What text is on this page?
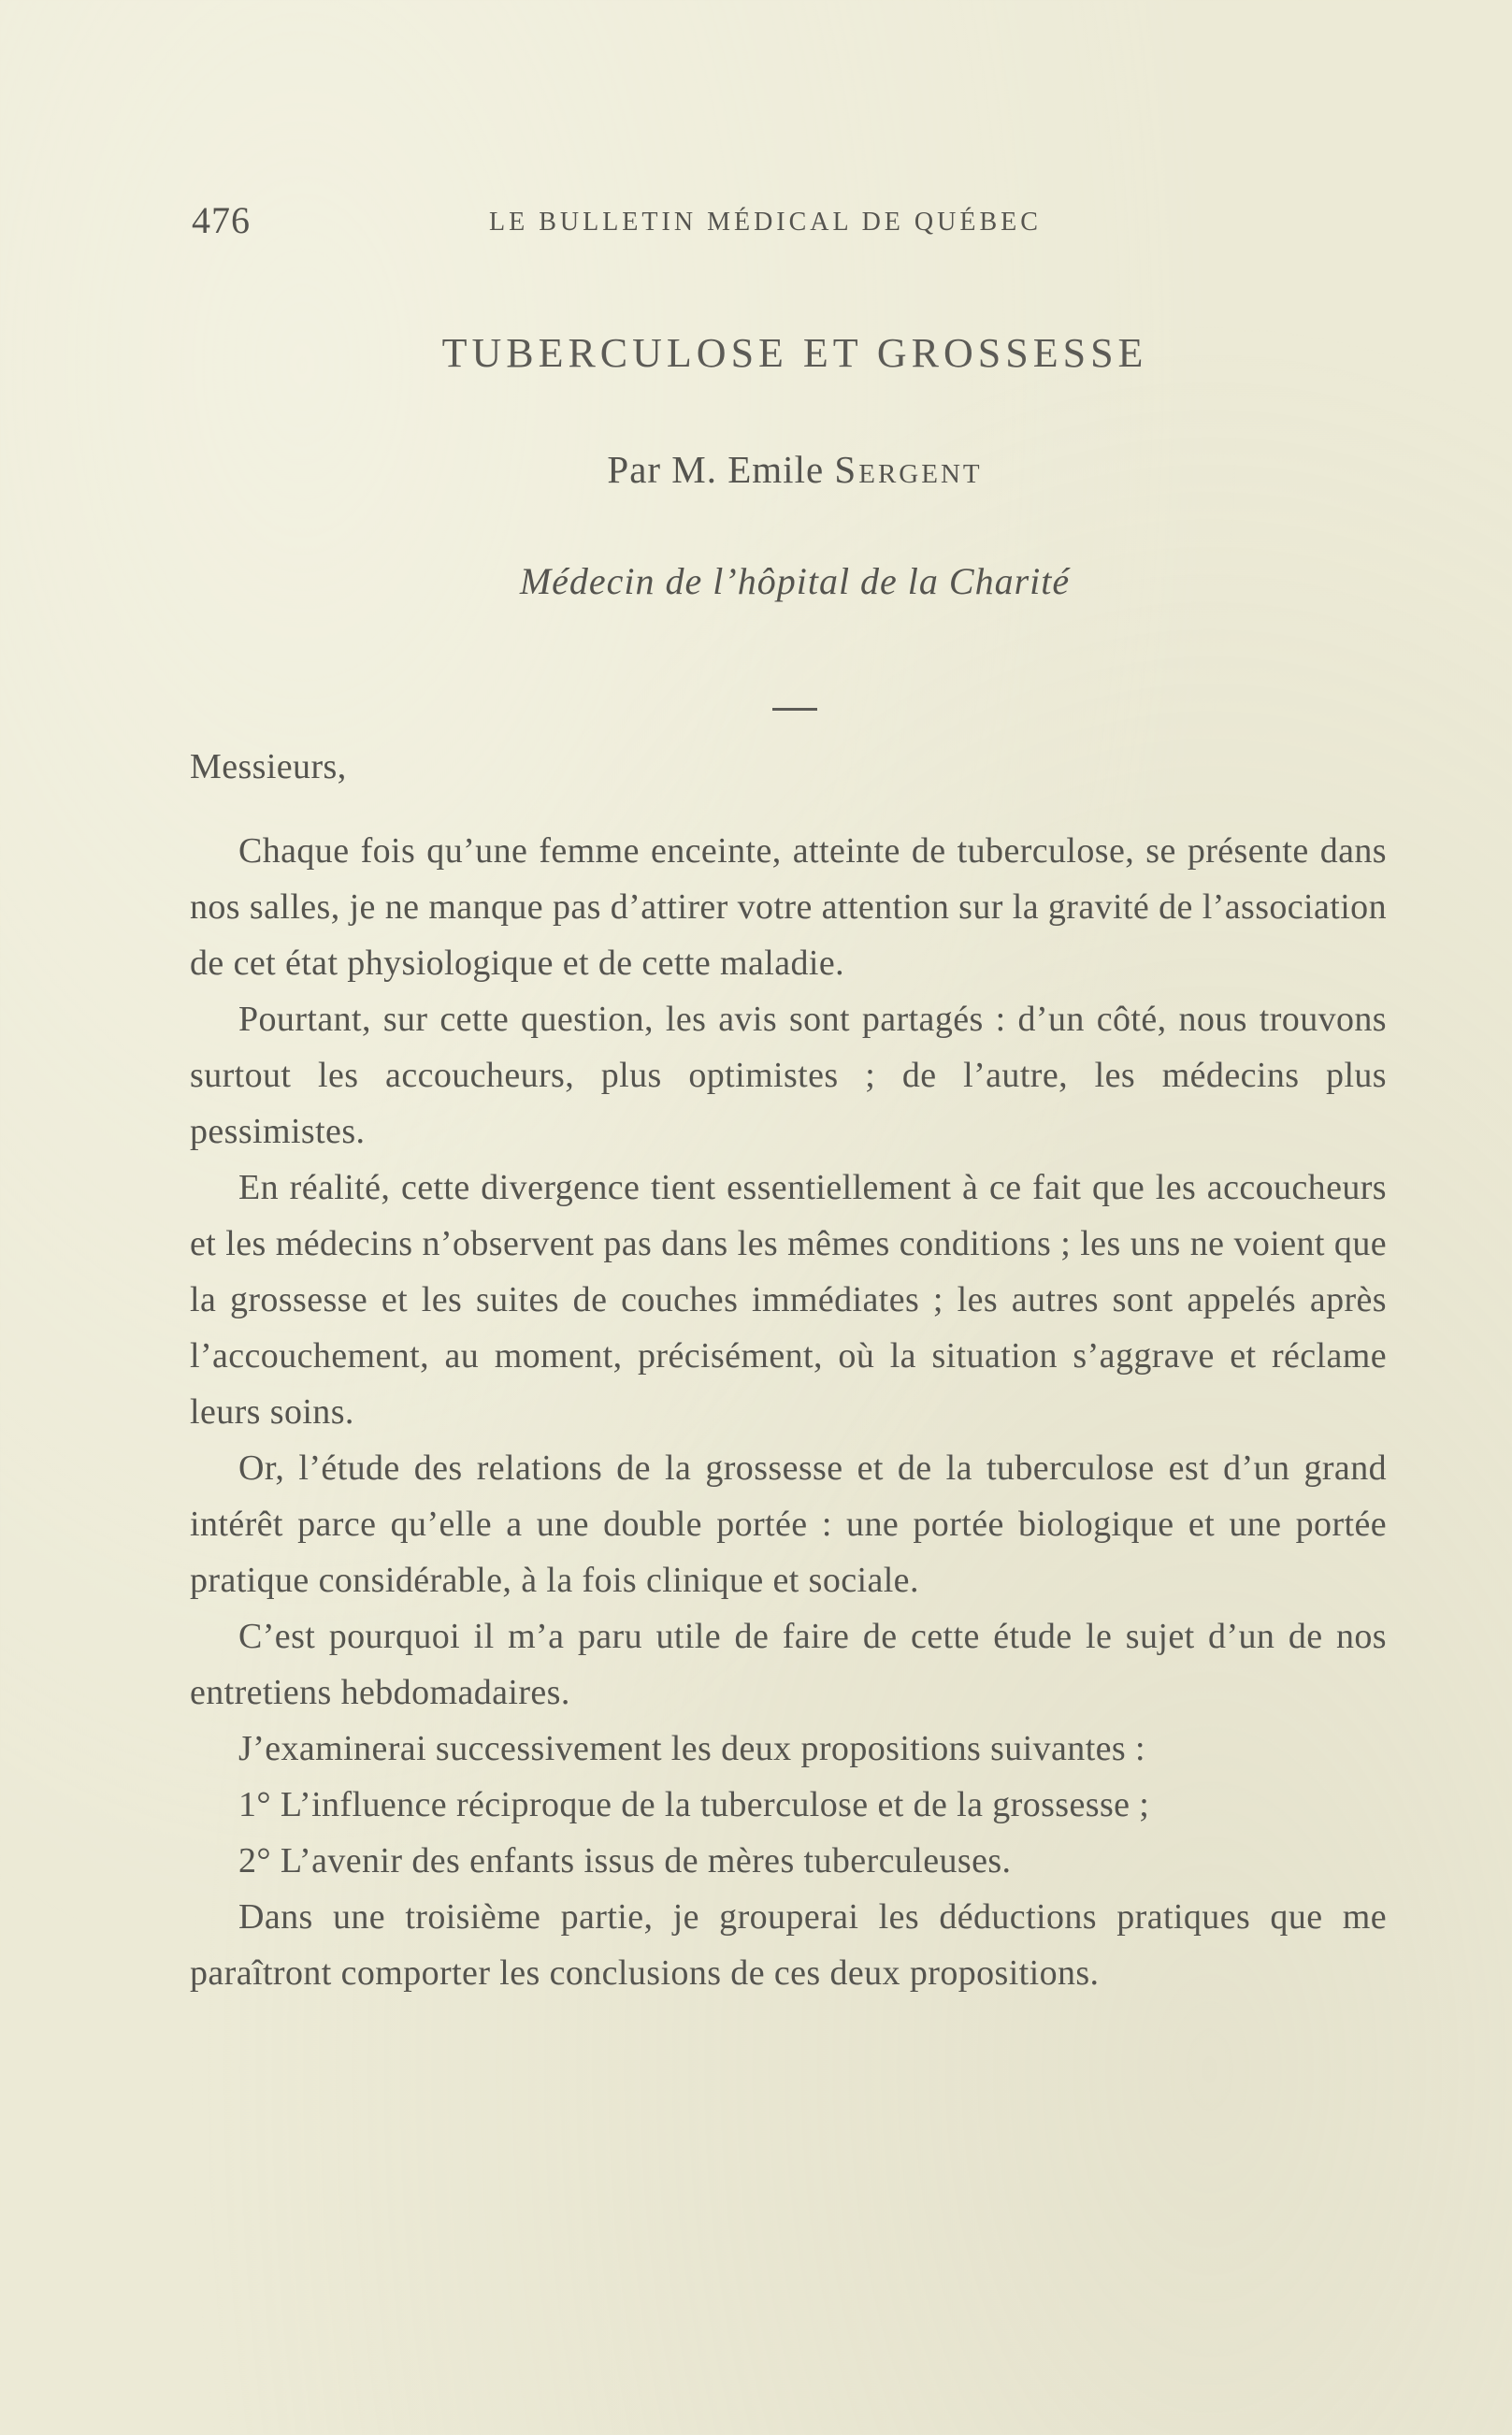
476	LE BULLETIN MÉDICAL DE QUÉBEC
TUBERCULOSE ET GROSSESSE
Par M. Emile Sergent
Médecin de l’hôpital de la Charité

Messieurs,

Chaque fois qu’une femme enceinte, atteinte de tuberculose, se présente dans nos salles, je ne manque pas d’attirer votre attention sur la gravité de l’association de cet état physiologique et de cette maladie.

Pourtant, sur cette question, les avis sont partagés : d’un côté, nous trouvons surtout les accoucheurs, plus optimistes ; de l’autre, les médecins plus pessimistes.

En réalité, cette divergence tient essentiellement à ce fait que les accoucheurs et les médecins n’observent pas dans les mêmes conditions ; les uns ne voient que la grossesse et les suites de couches immédiates ; les autres sont appelés après l’accouchement, au moment, précisément, où la situation s’aggrave et réclame leurs soins.

Or, l’étude des relations de la grossesse et de la tuberculose est d’un grand intérêt parce qu’elle a une double portée : une portée biologique et une portée pratique considérable, à la fois clinique et sociale.

C’est pourquoi il m’a paru utile de faire de cette étude le sujet d’un de nos entretiens hebdomadaires.

J’examinerai successivement les deux propositions suivantes :

1° L’influence réciproque de la tuberculose et de la grossesse ;

2° L’avenir des enfants issus de mères tuberculeuses.

Dans une troisième partie, je grouperai les déductions pratiques que me paraîtront comporter les conclusions de ces deux propositions.
